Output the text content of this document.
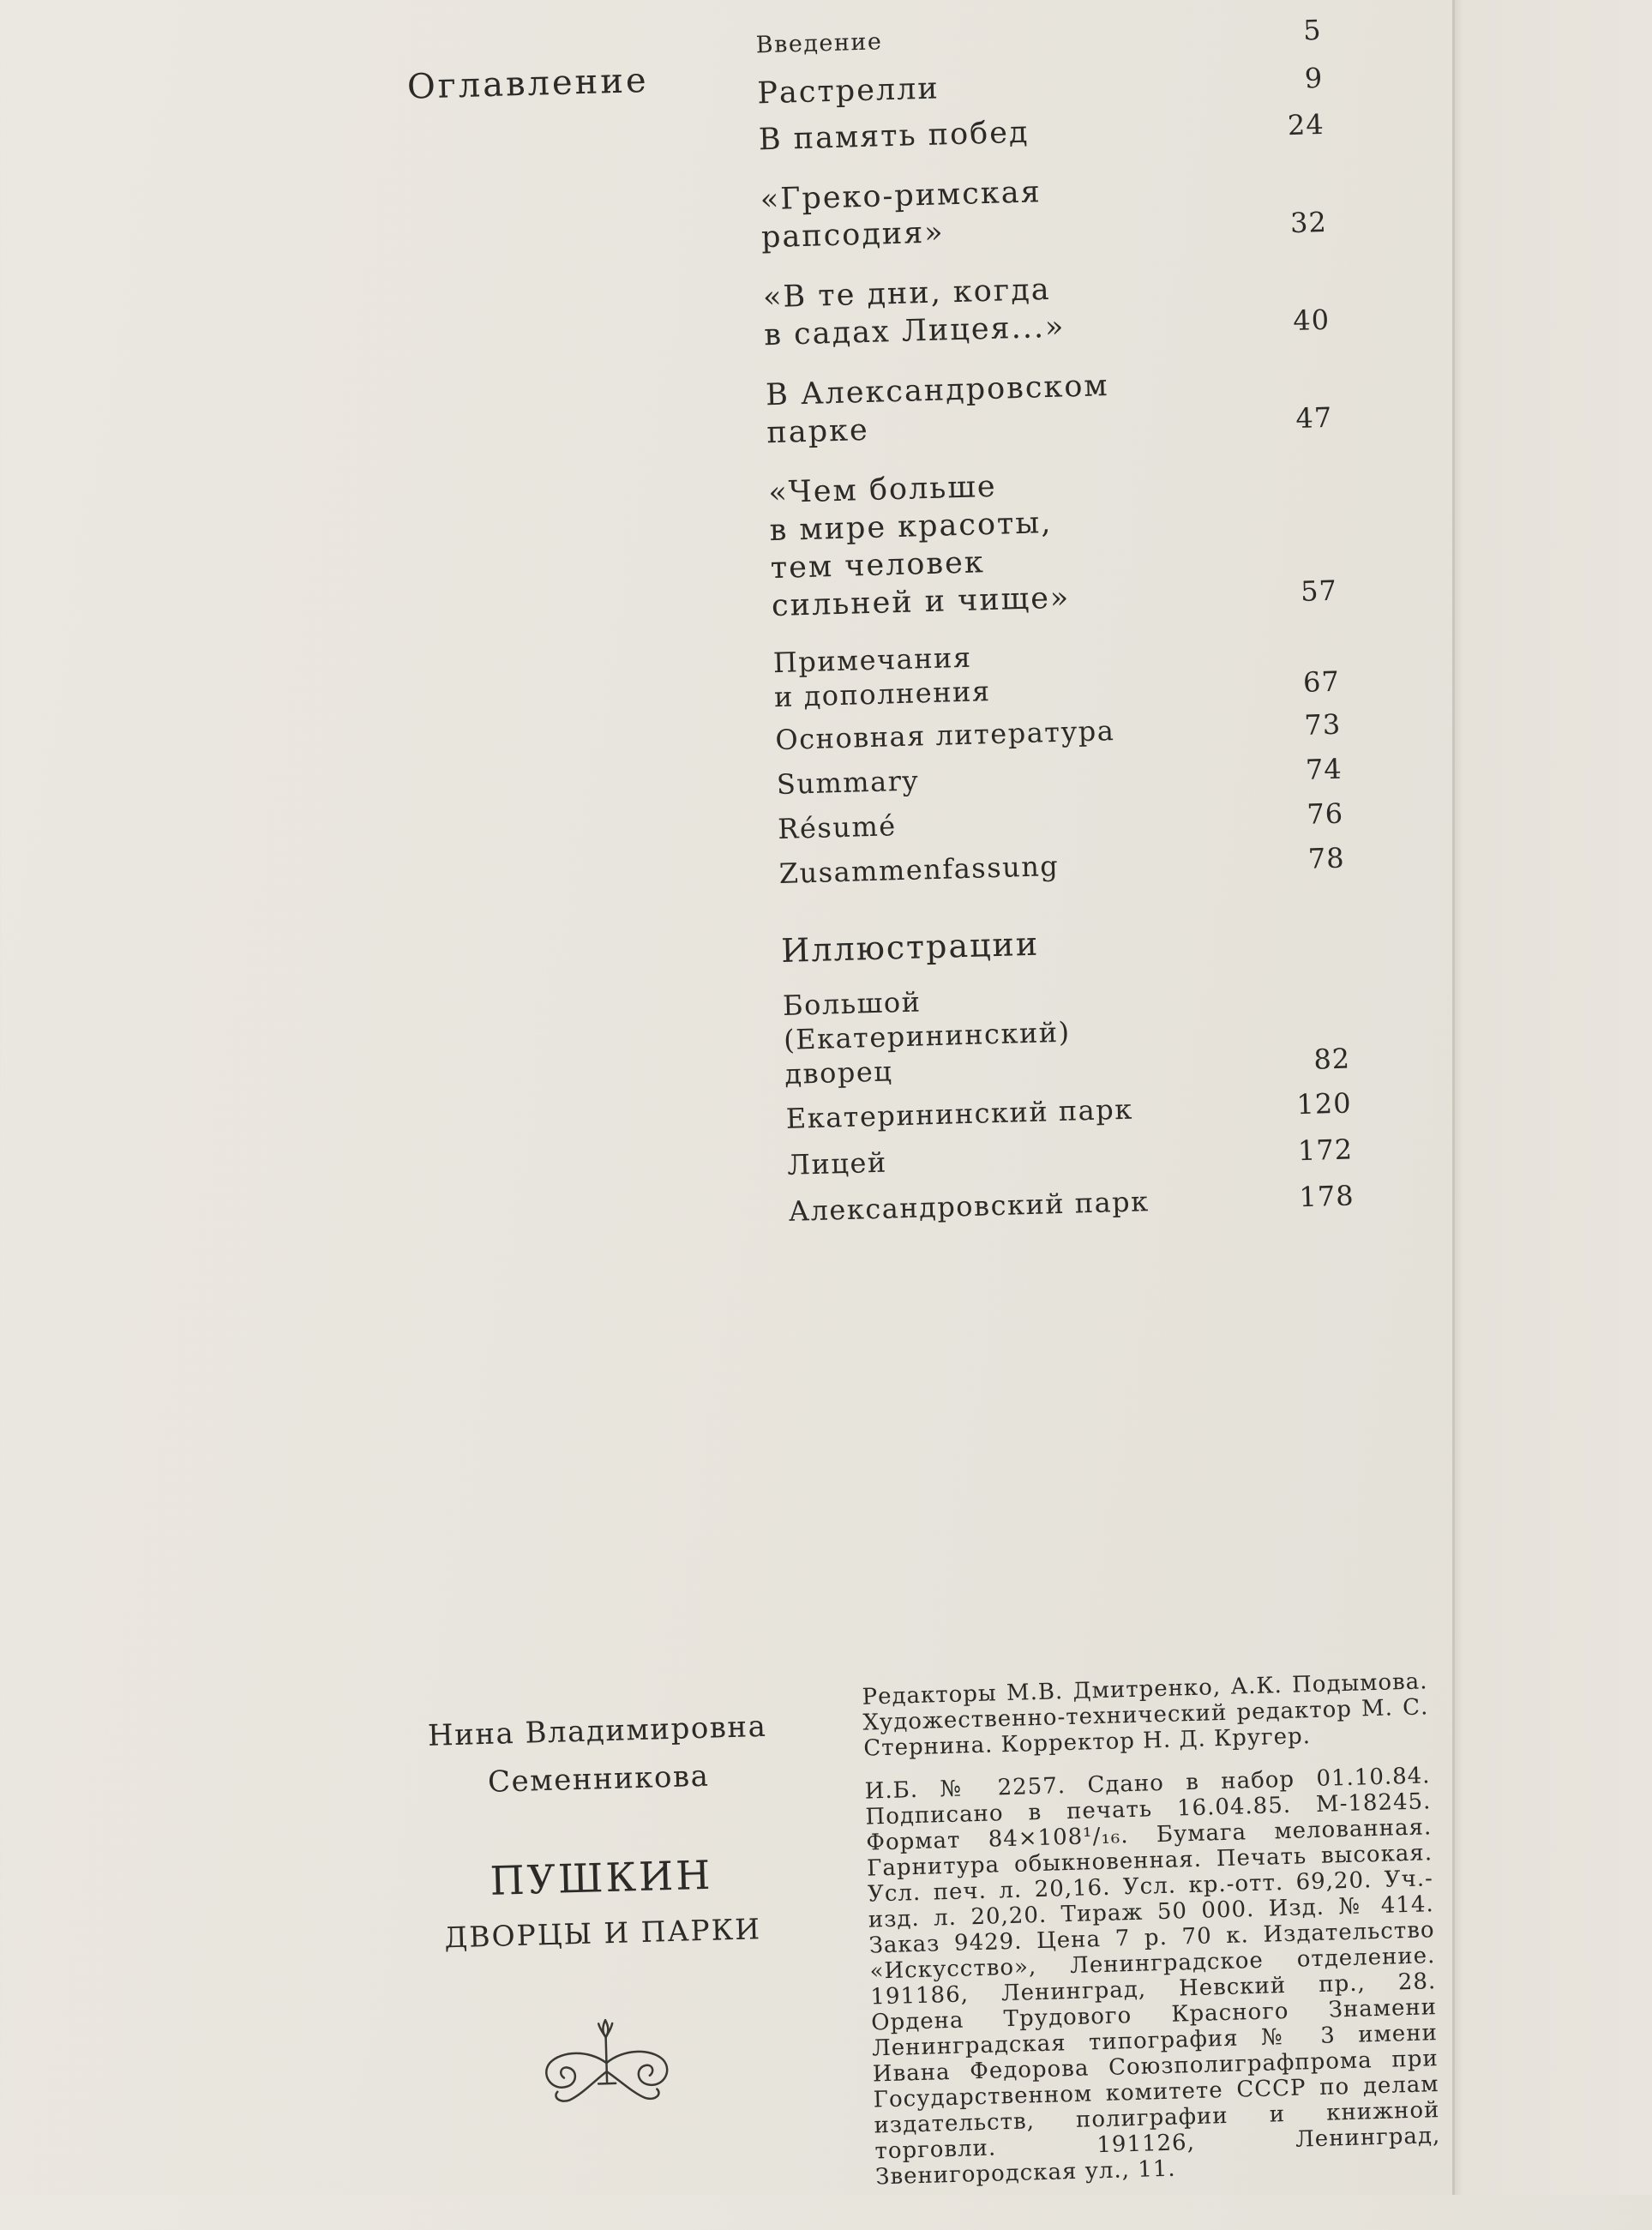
Оглавление
Введение	5
Растрелли	9
В память побед	24
«Греко-римская
рапсодия»	32
«В те дни, когда
в садах Лицея...»	40
В Александровском
парке	47
«Чем больше
в мире красоты,
тем человек
сильней и чище»	57
Примечания
и дополнения	67
Основная литература	73
Summary	74
Résumé	76
Zusammenfassung	78
Иллюстрации
Большой
(Екатерининский) дворец	82
Екатерининский парк	120
Лицей	172
Александровский парк	178
Нина Владимировна
Семенникова
ПУШКИН
ДВОРЦЫ И ПАРКИ

Редакторы М.В. Дмитренко, А.К. Подымова. Художественно-технический редактор М. С. Стернина. Корректор Н. Д. Кругер.

И.Б. № 2257. Сдано в набор 01.10.84. Подписано в печать 16.04.85. М-18245. Формат 84×108¹/₁₆. Бумага мелованная. Гарнитура обыкновенная. Печать высокая. Усл. печ. л. 20,16. Усл. кр.-отт. 69,20. Уч.-изд. л. 20,20. Тираж 50 000. Изд. № 414. Заказ 9429. Цена 7 р. 70 к. Издательство «Искусство», Ленинградское отделение. 191186, Ленинград, Невский пр., 28. Ордена Трудового Красного Знамени Ленинградская типография № 3 имени Ивана Федорова Союзполиграфпрома при Государственном комитете СССР по делам издательств, полиграфии и книжной торговли. 191126, Ленинград, Звенигородская ул., 11.
